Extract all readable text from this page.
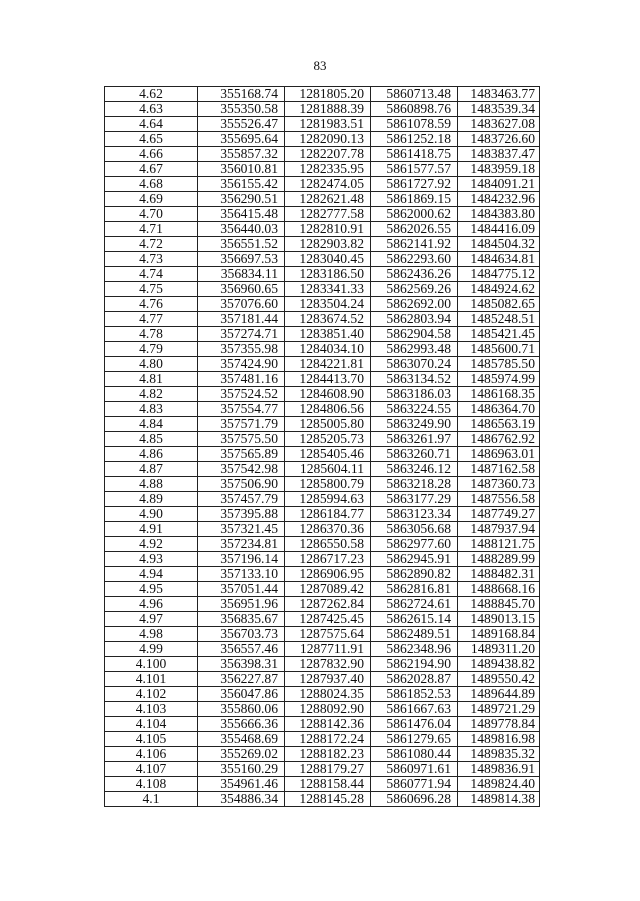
83
4.62	355168.74	1281805.20	5860713.48	1483463.77
4.63	355350.58	1281888.39	5860898.76	1483539.34
4.64	355526.47	1281983.51	5861078.59	1483627.08
4.65	355695.64	1282090.13	5861252.18	1483726.60
4.66	355857.32	1282207.78	5861418.75	1483837.47
4.67	356010.81	1282335.95	5861577.57	1483959.18
4.68	356155.42	1282474.05	5861727.92	1484091.21
4.69	356290.51	1282621.48	5861869.15	1484232.96
4.70	356415.48	1282777.58	5862000.62	1484383.80
4.71	356440.03	1282810.91	5862026.55	1484416.09
4.72	356551.52	1282903.82	5862141.92	1484504.32
4.73	356697.53	1283040.45	5862293.60	1484634.81
4.74	356834.11	1283186.50	5862436.26	1484775.12
4.75	356960.65	1283341.33	5862569.26	1484924.62
4.76	357076.60	1283504.24	5862692.00	1485082.65
4.77	357181.44	1283674.52	5862803.94	1485248.51
4.78	357274.71	1283851.40	5862904.58	1485421.45
4.79	357355.98	1284034.10	5862993.48	1485600.71
4.80	357424.90	1284221.81	5863070.24	1485785.50
4.81	357481.16	1284413.70	5863134.52	1485974.99
4.82	357524.52	1284608.90	5863186.03	1486168.35
4.83	357554.77	1284806.56	5863224.55	1486364.70
4.84	357571.79	1285005.80	5863249.90	1486563.19
4.85	357575.50	1285205.73	5863261.97	1486762.92
4.86	357565.89	1285405.46	5863260.71	1486963.01
4.87	357542.98	1285604.11	5863246.12	1487162.58
4.88	357506.90	1285800.79	5863218.28	1487360.73
4.89	357457.79	1285994.63	5863177.29	1487556.58
4.90	357395.88	1286184.77	5863123.34	1487749.27
4.91	357321.45	1286370.36	5863056.68	1487937.94
4.92	357234.81	1286550.58	5862977.60	1488121.75
4.93	357196.14	1286717.23	5862945.91	1488289.99
4.94	357133.10	1286906.95	5862890.82	1488482.31
4.95	357051.44	1287089.42	5862816.81	1488668.16
4.96	356951.96	1287262.84	5862724.61	1488845.70
4.97	356835.67	1287425.45	5862615.14	1489013.15
4.98	356703.73	1287575.64	5862489.51	1489168.84
4.99	356557.46	1287711.91	5862348.96	1489311.20
4.100	356398.31	1287832.90	5862194.90	1489438.82
4.101	356227.87	1287937.40	5862028.87	1489550.42
4.102	356047.86	1288024.35	5861852.53	1489644.89
4.103	355860.06	1288092.90	5861667.63	1489721.29
4.104	355666.36	1288142.36	5861476.04	1489778.84
4.105	355468.69	1288172.24	5861279.65	1489816.98
4.106	355269.02	1288182.23	5861080.44	1489835.32
4.107	355160.29	1288179.27	5860971.61	1489836.91
4.108	354961.46	1288158.44	5860771.94	1489824.40
4.1	354886.34	1288145.28	5860696.28	1489814.38
